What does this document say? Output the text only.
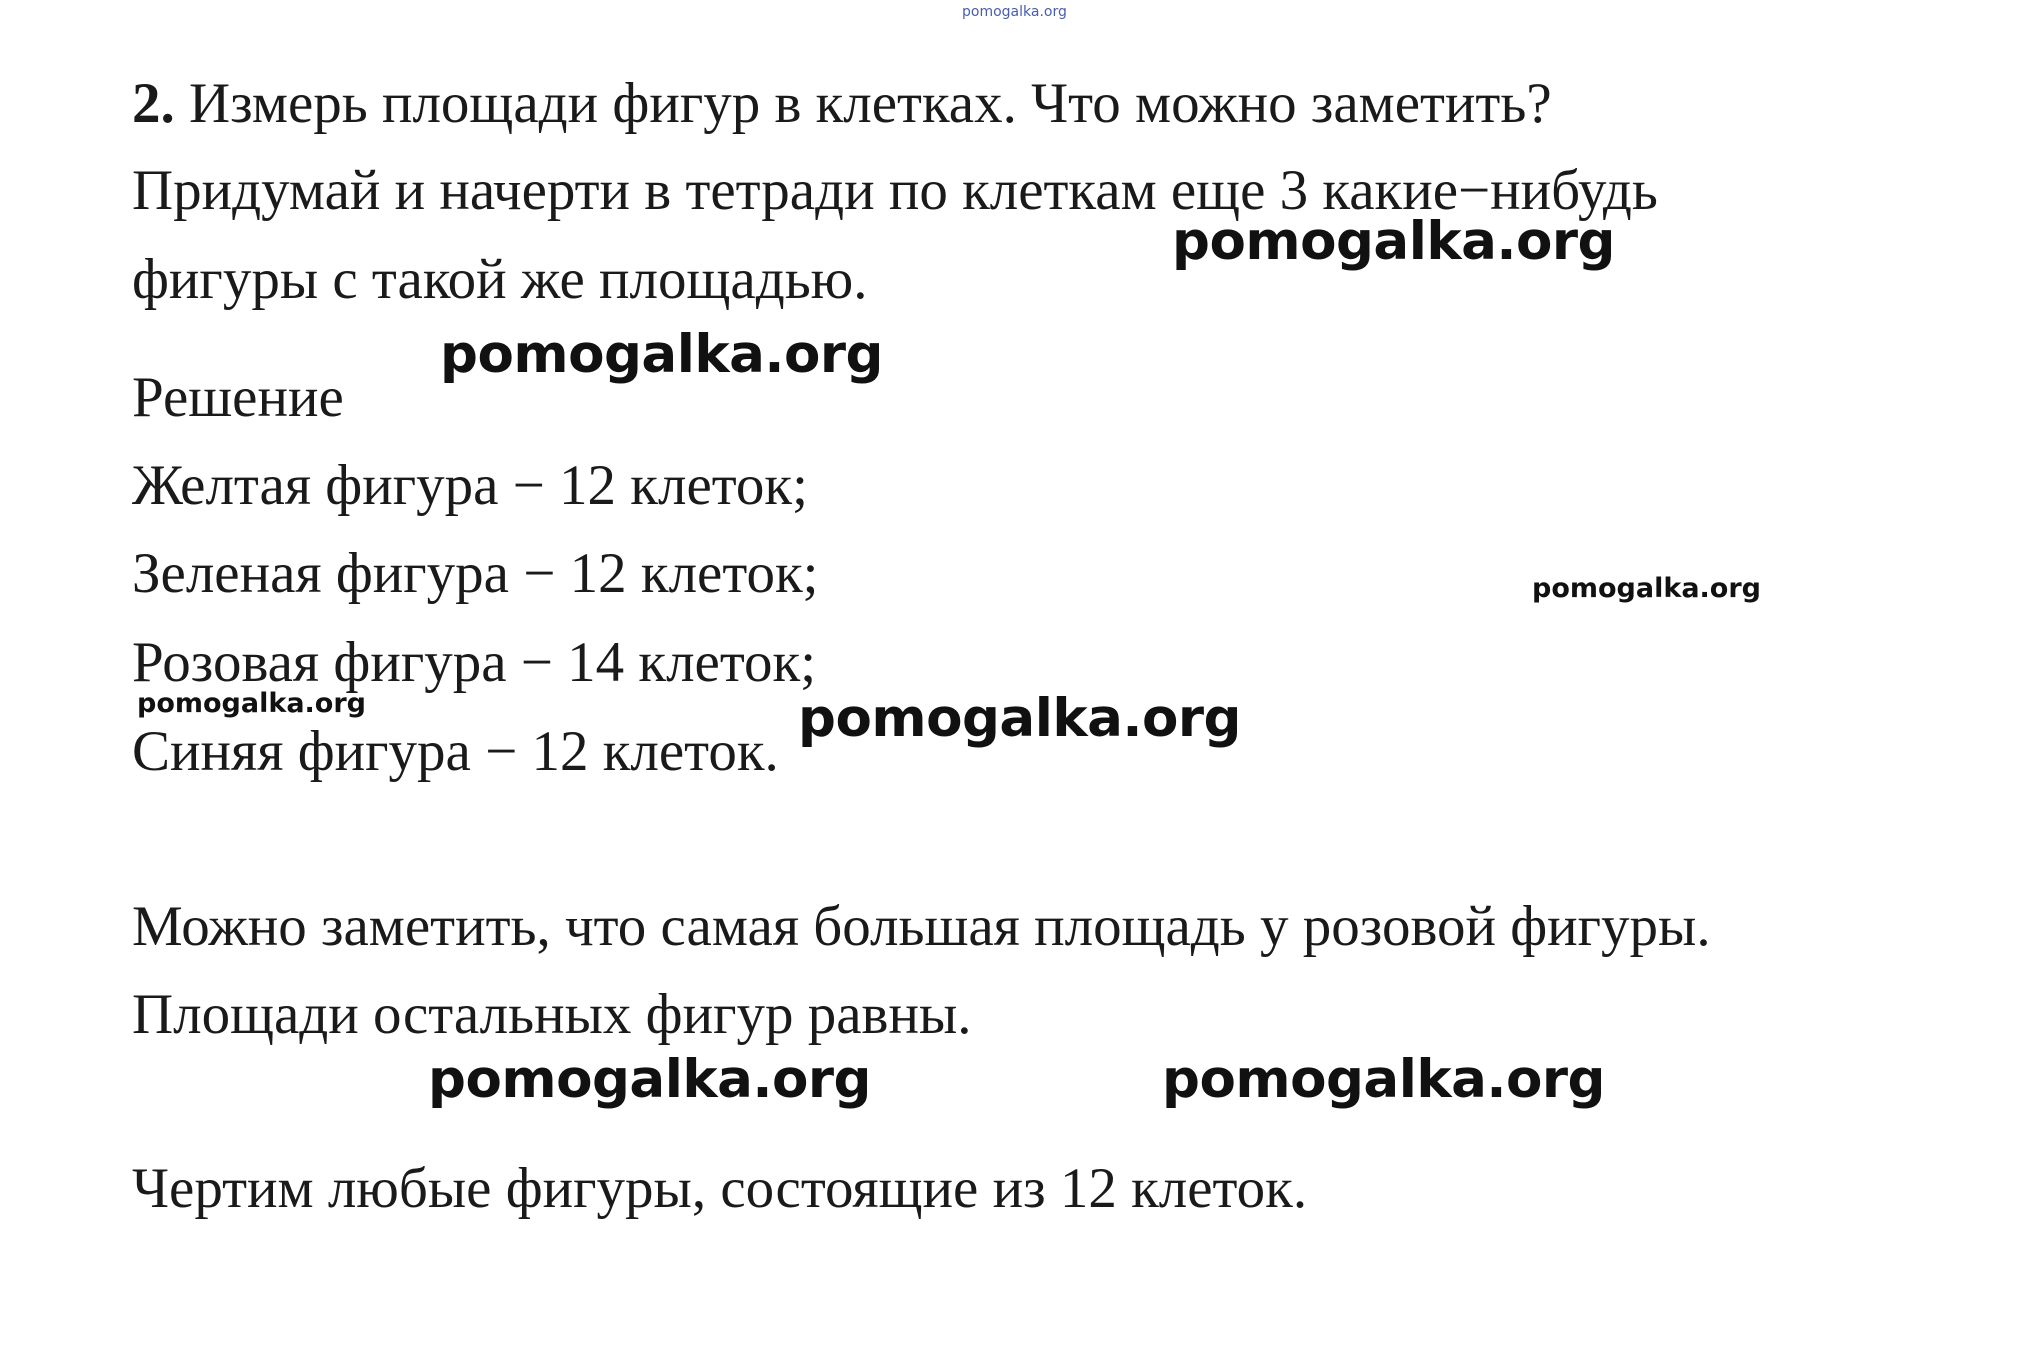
pomogalka.org

2. Измерь площади фигур в клетках. Что можно заметить?

Придумай и начерти в тетради по клеткам еще 3 какие−нибудь

фигуры с такой же площадью.

Решение

Желтая фигура − 12 клеток;

Зеленая фигура − 12 клеток;

Розовая фигура − 14 клеток;

Синяя фигура − 12 клеток.

Можно заметить, что самая большая площадь у розовой фигуры.

Площади остальных фигур равны.

Чертим любые фигуры, состоящие из 12 клеток.

pomogalka.org
pomogalka.org
pomogalka.org
pomogalka.org	pomogalka.org
pomogalka.org	pomogalka.org
